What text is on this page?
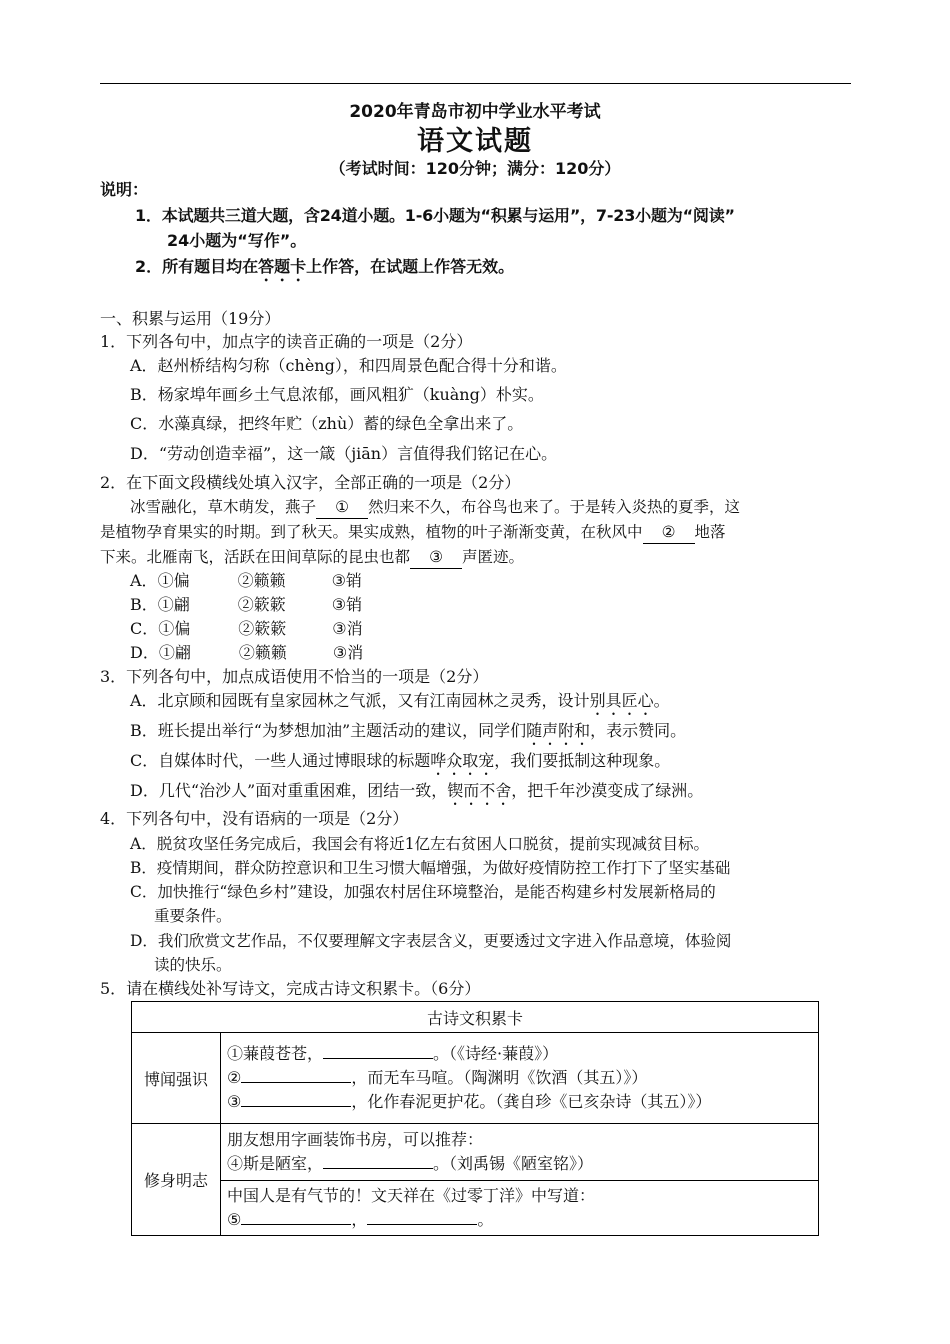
2020年青岛市初中学业水平考试
语文试题
（考试时间：120分钟；满分：120分）
说明：
1．本试题共三道大题，含24道小题。1-6小题为“积累与运用”，7-23小题为“阅读”
24小题为“写作”。
2．所有题目均在答题卡上作答，在试题上作答无效。
一、积累与运用（19分）
1．下列各句中，加点字的读音正确的一项是（2分）
A．赵州桥结构匀称（chèng），和四周景色配合得十分和谐。
B．杨家埠年画乡土气息浓郁，画风粗犷（kuàng）朴实。
C．水藻真绿，把终年贮（zhù）蓄的绿色全拿出来了。
D．“劳动创造幸福”，这一箴（jiān）言值得我们铭记在心。
2．在下面文段横线处填入汉字，全部正确的一项是（2分）
冰雪融化，草木萌发，燕子 ① 然归来不久，布谷鸟也来了。于是转入炎热的夏季，这
是植物孕育果实的时期。到了秋天。果实成熟，植物的叶子渐渐变黄，在秋风中 ② 地落
下来。北雁南飞，活跃在田间草际的昆虫也都 ③ 声匿迹。
A．①偏	②籁籁	③销
B．①翩	②簌簌	③销
C．①偏	②簌簌	③消
D．①翩	②籁籁	③消
3．下列各句中，加点成语使用不恰当的一项是（2分）
A．北京顾和园既有皇家园林之气派，又有江南园林之灵秀，设计别具匠心。
B．班长提出举行“为梦想加油”主题活动的建议，同学们随声附和，表示赞同。
C．自媒体时代，一些人通过博眼球的标题哗众取宠，我们要抵制这种现象。
D．几代“治沙人”面对重重困难，团结一致，锲而不舍，把千年沙漠变成了绿洲。
4．下列各句中，没有语病的一项是（2分）
A．脱贫攻坚任务完成后，我国会有将近1亿左右贫困人口脱贫，提前实现减贫目标。
B．疫情期间，群众防控意识和卫生习惯大幅增强，为做好疫情防控工作打下了坚实基础
C．加快推行“绿色乡村”建设，加强农村居住环境整治，是能否构建乡村发展新格局的
重要条件。
D．我们欣赏文艺作品，不仅要理解文字表层含义，更要透过文字进入作品意境，体验阅
读的快乐。
5．请在横线处补写诗文，完成古诗文积累卡。（6分）
古诗文积累卡	
博闻强识	①蒹葭苍苍， 。（《诗经·蒹葭》）
② ，而无车马喧。（陶渊明《饮酒（其五）》）
③ ，化作春泥更护花。（龚自珍《已亥杂诗（其五）》）

修身明志	朋友想用字画装饰书房，可以推荐：
④斯是陋室， 。（刘禹锡《陋室铭》）

	中国人是有气节的！文天祥在《过零丁洋》中写道：
⑤ ， 。
